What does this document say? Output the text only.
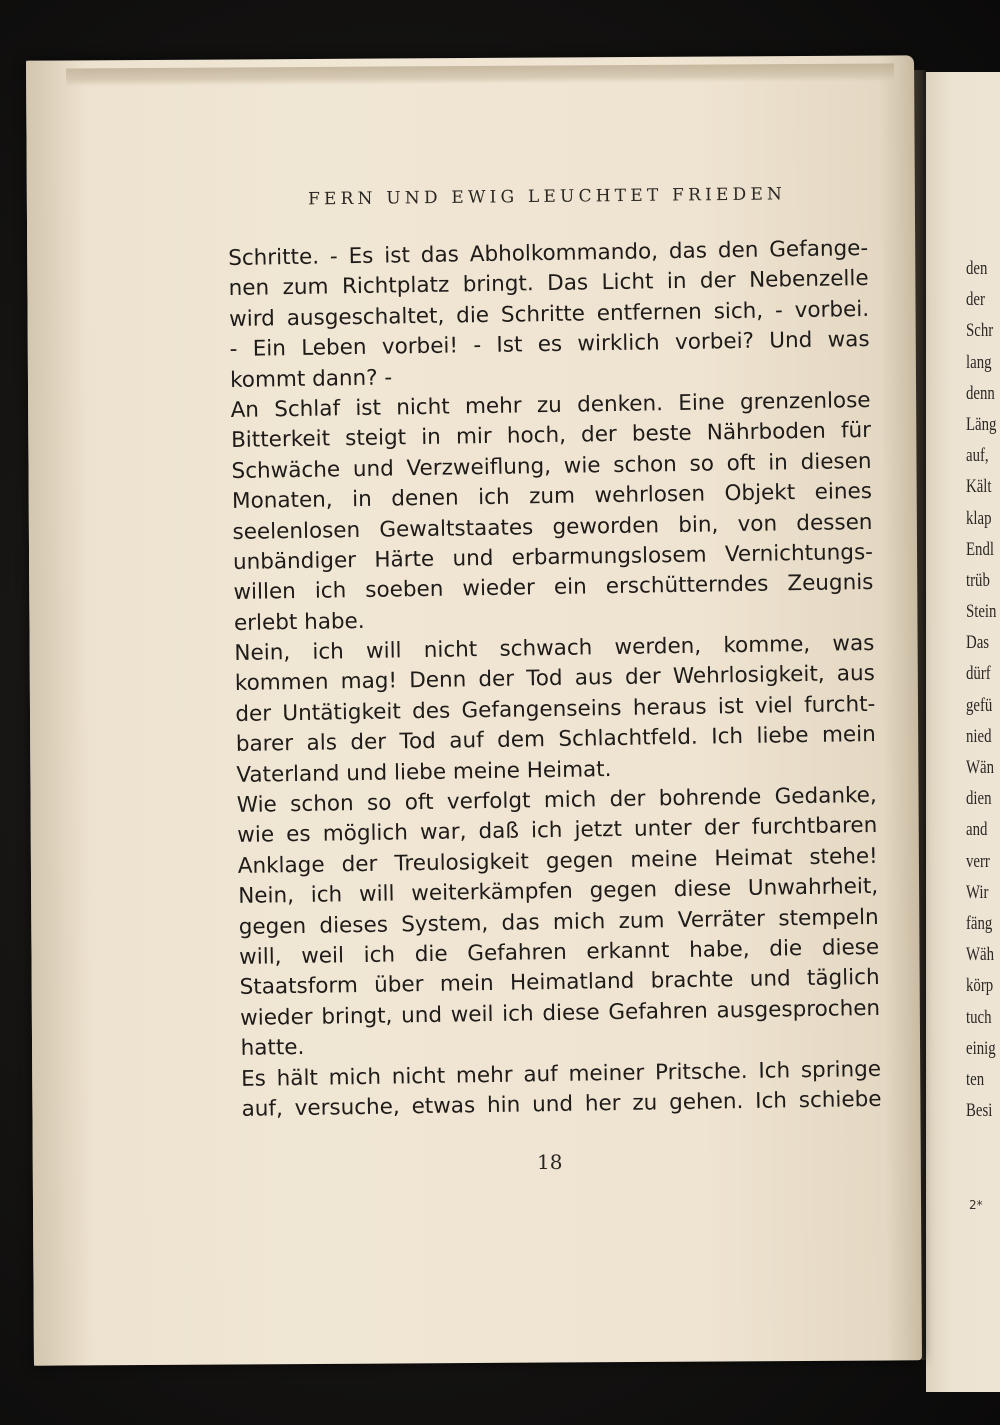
FERN UND EWIG LEUCHTET FRIEDEN
Schritte. - Es ist das Abholkommando, das den Gefange-
nen zum Richtplatz bringt. Das Licht in der Nebenzelle
wird ausgeschaltet, die Schritte entfernen sich, - vorbei.
- Ein Leben vorbei! - Ist es wirklich vorbei? Und was
kommt dann? -
An Schlaf ist nicht mehr zu denken. Eine grenzenlose
Bitterkeit steigt in mir hoch, der beste Nährboden für
Schwäche und Verzweiflung, wie schon so oft in diesen
Monaten, in denen ich zum wehrlosen Objekt eines
seelenlosen Gewaltstaates geworden bin, von dessen
unbändiger Härte und erbarmungslosem Vernichtungs-
willen ich soeben wieder ein erschütterndes Zeugnis
erlebt habe.
Nein, ich will nicht schwach werden, komme, was
kommen mag! Denn der Tod aus der Wehrlosigkeit, aus
der Untätigkeit des Gefangenseins heraus ist viel furcht-
barer als der Tod auf dem Schlachtfeld. Ich liebe mein
Vaterland und liebe meine Heimat.
Wie schon so oft verfolgt mich der bohrende Gedanke,
wie es möglich war, daß ich jetzt unter der furchtbaren
Anklage der Treulosigkeit gegen meine Heimat stehe!
Nein, ich will weiterkämpfen gegen diese Unwahrheit,
gegen dieses System, das mich zum Verräter stempeln
will, weil ich die Gefahren erkannt habe, die diese
Staatsform über mein Heimatland brachte und täglich
wieder bringt, und weil ich diese Gefahren ausgesprochen
hatte.
Es hält mich nicht mehr auf meiner Pritsche. Ich springe
auf, versuche, etwas hin und her zu gehen. Ich schiebe
18
den
der
Schr
lang
denn
Läng
auf,
Kält
klap
Endl
trüb
Stein
Das
dürf
gefü
nied
Wän
dien
and
verr
Wir
fäng
Wäh
körp
tuch
einig
ten
Besi
2*
